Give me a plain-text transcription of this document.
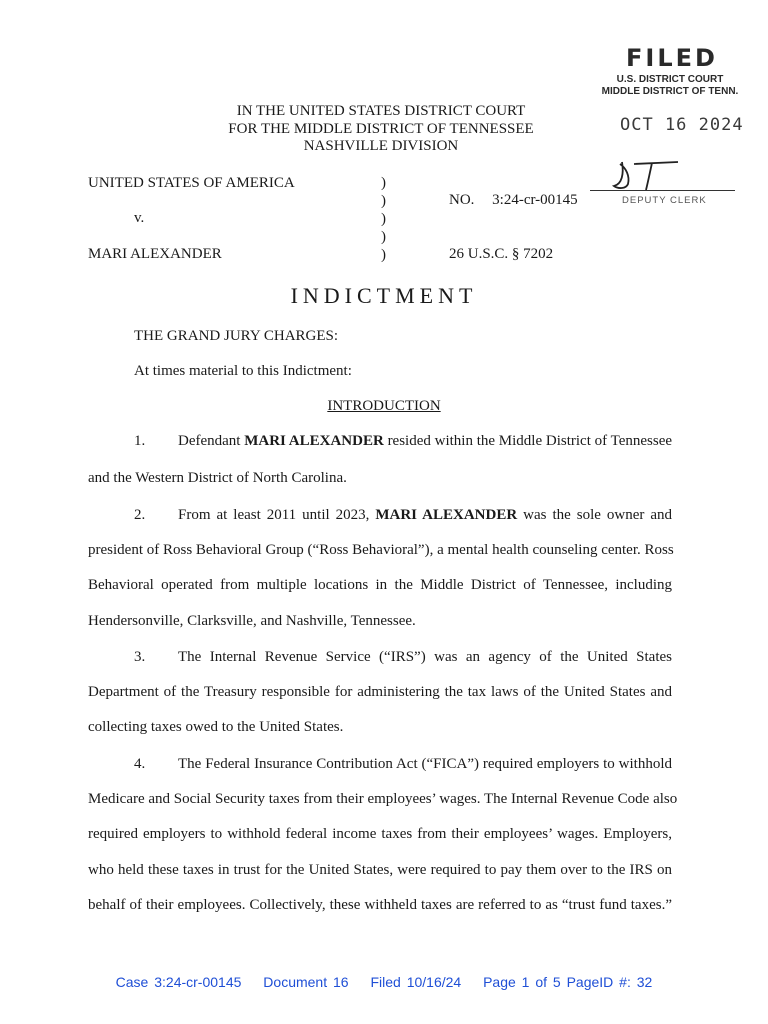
FILED
U.S. DISTRICT COURT
MIDDLE DISTRICT OF TENN.
OCT 16 2024
DEPUTY CLERK
IN THE UNITED STATES DISTRICT COURT
FOR THE MIDDLE DISTRICT OF TENNESSEE
NASHVILLE DIVISION
UNITED STATES OF AMERICA
v.
MARI ALEXANDER
)
)
)
)
)
NO. 3:24-cr-00145
26 U.S.C. § 7202
INDICTMENT
THE GRAND JURY CHARGES:
At times material to this Indictment:
INTRODUCTION
1. Defendant MARI ALEXANDER resided within the Middle District of Tennessee
and the Western District of North Carolina.
2. From at least 2011 until 2023, MARI ALEXANDER was the sole owner and
president of Ross Behavioral Group (“Ross Behavioral”), a mental health counseling center. Ross
Behavioral operated from multiple locations in the Middle District of Tennessee, including
Hendersonville, Clarksville, and Nashville, Tennessee.
3. The Internal Revenue Service (“IRS”) was an agency of the United States
Department of the Treasury responsible for administering the tax laws of the United States and
collecting taxes owed to the United States.
4. The Federal Insurance Contribution Act (“FICA”) required employers to withhold
Medicare and Social Security taxes from their employees’ wages. The Internal Revenue Code also
required employers to withhold federal income taxes from their employees’ wages. Employers,
who held these taxes in trust for the United States, were required to pay them over to the IRS on
behalf of their employees. Collectively, these withheld taxes are referred to as “trust fund taxes.”
Case 3:24-cr-00145 Document 16 Filed 10/16/24 Page 1 of 5 PageID #: 32
